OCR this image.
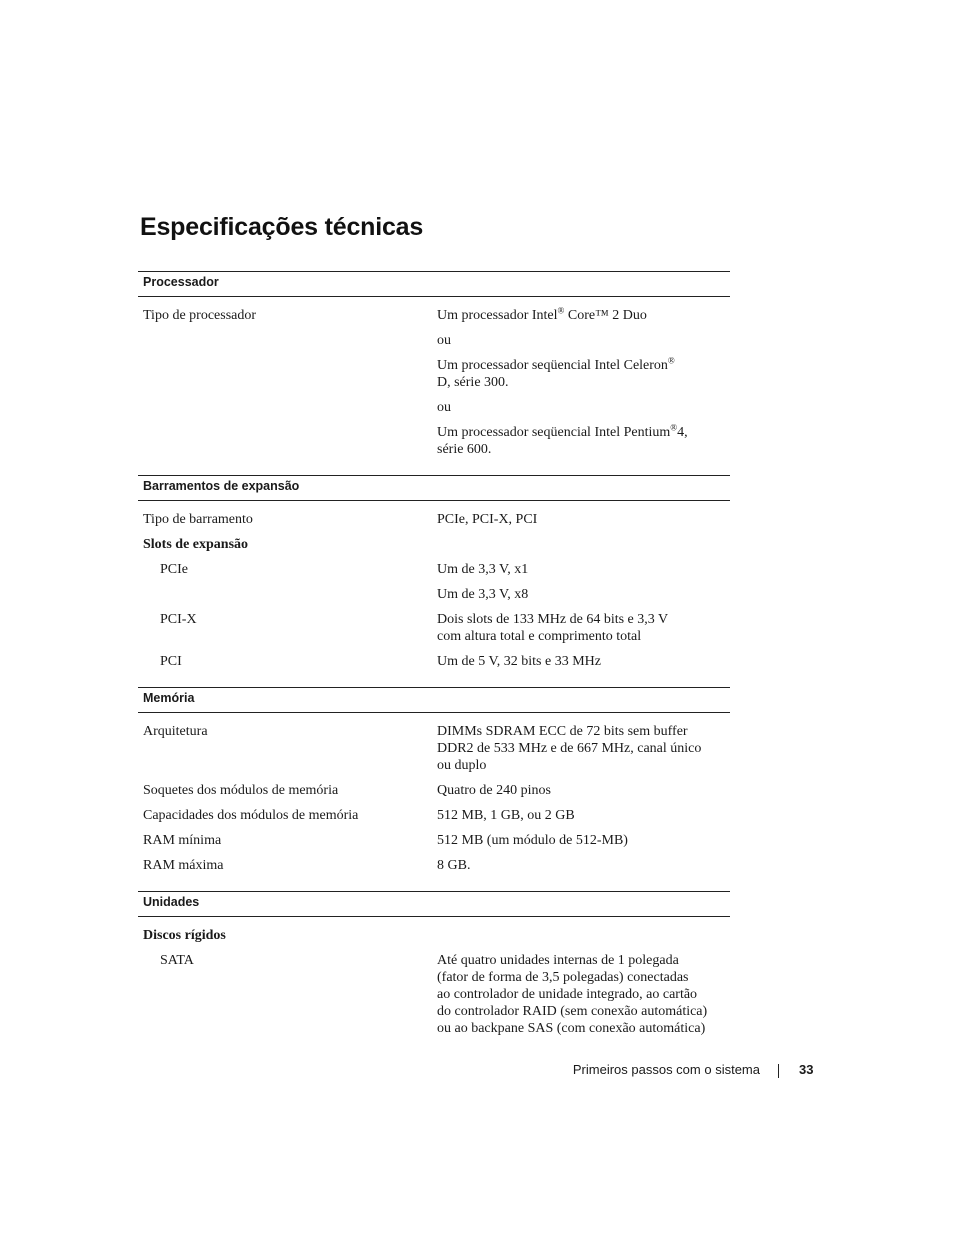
Especificações técnicas
Processador
Tipo de processador	Um processador Intel® Core™ 2 Duo
ou
Um processador seqüencial Intel Celeron®
D, série 300.
ou
Um processador seqüencial Intel Pentium®4,
série 600.
Barramentos de expansão
Tipo de barramento	PCIe, PCI-X, PCI
Slots de expansão
PCIe	Um de 3,3 V, x1
Um de 3,3 V, x8
PCI-X	Dois slots de 133 MHz de 64 bits e 3,3 V
com altura total e comprimento total
PCI	Um de 5 V, 32 bits e 33 MHz
Memória
Arquitetura	DIMMs SDRAM ECC de 72 bits sem buffer
DDR2 de 533 MHz e de 667 MHz, canal único
ou duplo
Soquetes dos módulos de memória	Quatro de 240 pinos
Capacidades dos módulos de memória	512 MB, 1 GB, ou 2 GB
RAM mínima	512 MB (um módulo de 512-MB)
RAM máxima	8 GB.
Unidades
Discos rígidos
SATA	Até quatro unidades internas de 1 polegada
(fator de forma de 3,5 polegadas) conectadas
ao controlador de unidade integrado, ao cartão
do controlador RAID (sem conexão automática)
ou ao backpane SAS (com conexão automática)
Primeiros passos com o sistema	33
